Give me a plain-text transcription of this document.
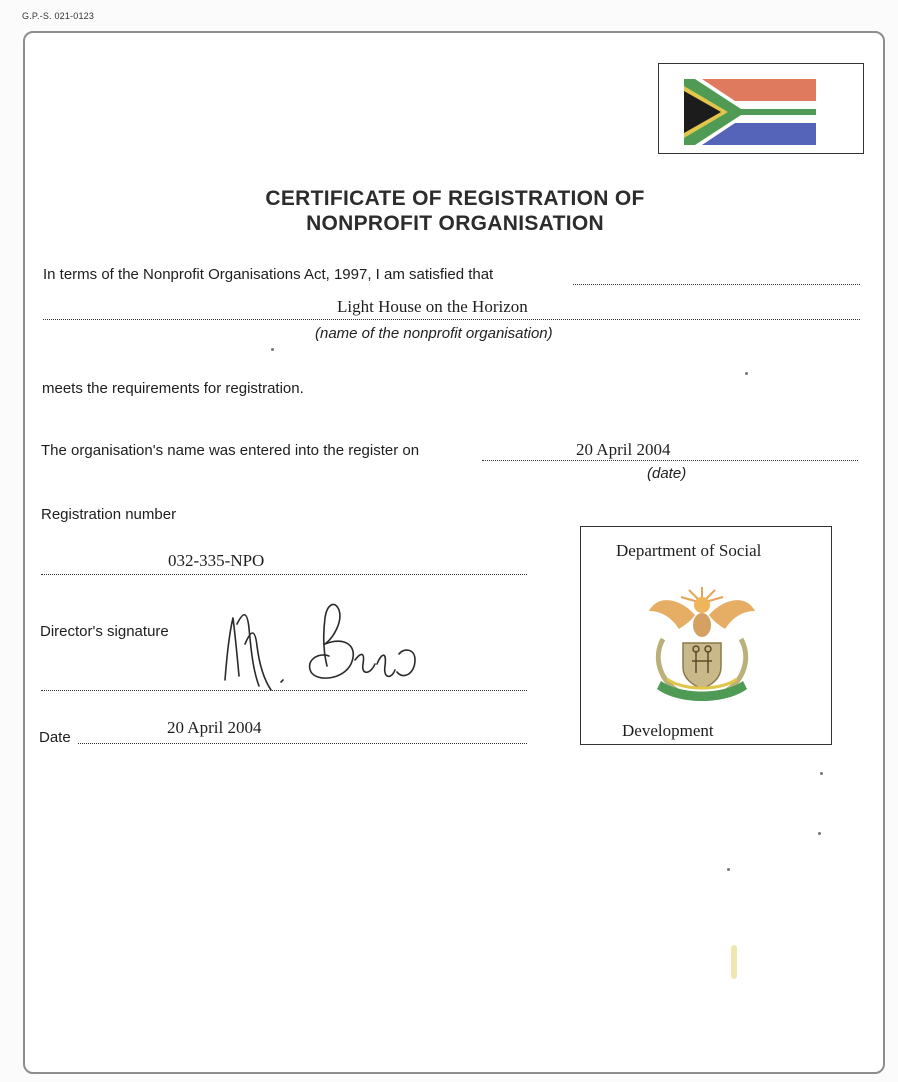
G.P.-S. 021-0123
CERTIFICATE OF REGISTRATION OF
NONPROFIT ORGANISATION
In terms of the Nonprofit Organisations Act, 1997, I am satisfied that
Light House on the Horizon
(name of the nonprofit organisation)
meets the requirements for registration.
The organisation's name was entered into the register on	20 April 2004
(date)
Registration number
032-335-NPO
Director's signature
Date
20 April 2004
Department of Social
Development
